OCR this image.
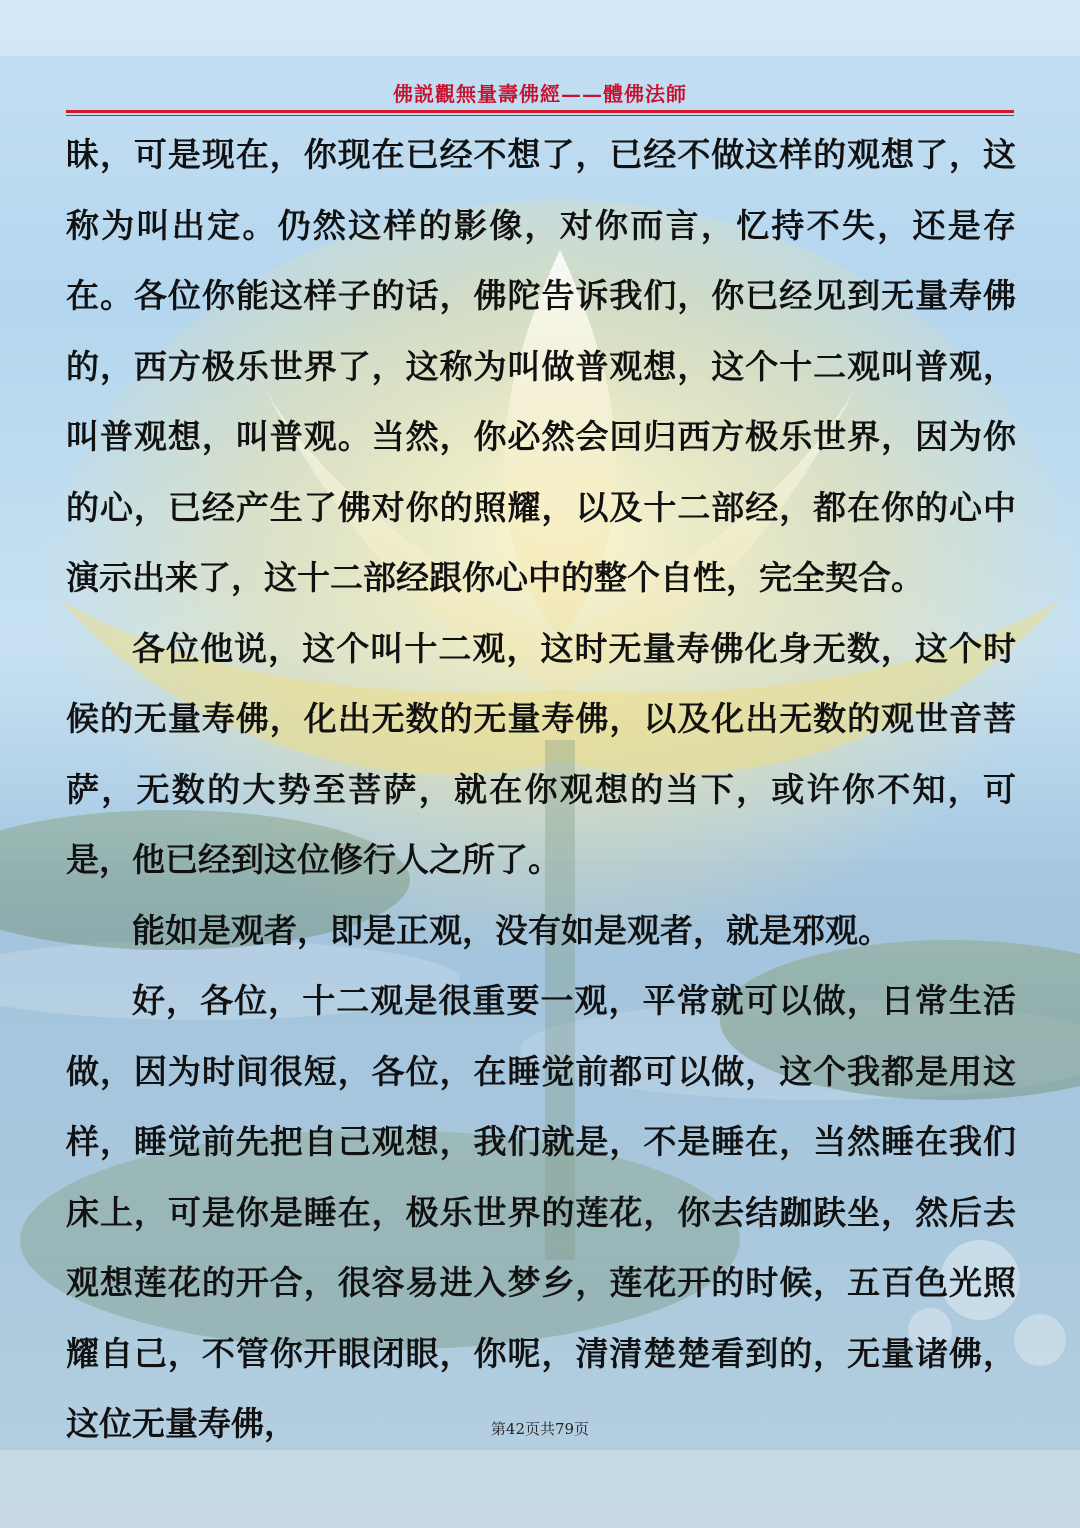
佛説觀無量壽佛經——體佛法師

昧，可是现在，你现在已经不想了，已经不做这样的观想了，这称为叫出定。仍然这样的影像，对你而言，忆持不失，还是存在。各位你能这样子的话，佛陀告诉我们，你已经见到无量寿佛的，西方极乐世界了，这称为叫做普观想，这个十二观叫普观，叫普观想，叫普观。当然，你必然会回归西方极乐世界，因为你的心，已经产生了佛对你的照耀，以及十二部经，都在你的心中演示出来了，这十二部经跟你心中的整个自性，完全契合。

各位他说，这个叫十二观，这时无量寿佛化身无数，这个时候的无量寿佛，化出无数的无量寿佛，以及化出无数的观世音菩萨，无数的大势至菩萨，就在你观想的当下，或许你不知，可是，他已经到这位修行人之所了。

能如是观者，即是正观，没有如是观者，就是邪观。

好，各位，十二观是很重要一观，平常就可以做，日常生活做，因为时间很短，各位，在睡觉前都可以做，这个我都是用这样，睡觉前先把自己观想，我们就是，不是睡在，当然睡在我们床上，可是你是睡在，极乐世界的莲花，你去结跏趺坐，然后去观想莲花的开合，很容易进入梦乡，莲花开的时候，五百色光照耀自己，不管你开眼闭眼，你呢，清清楚楚看到的，无量诸佛，这位无量寿佛，	第42页共79页
